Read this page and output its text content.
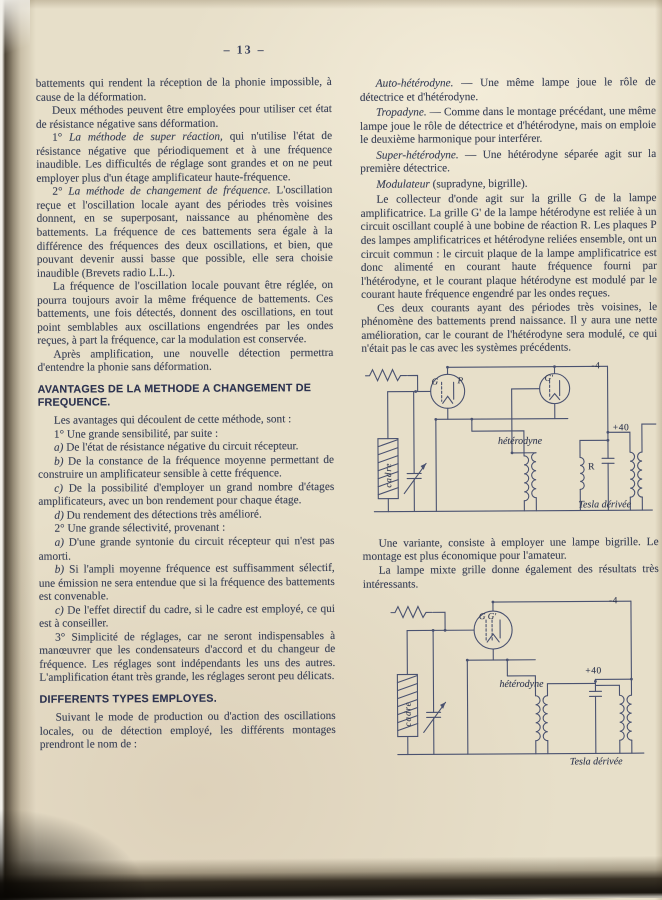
– 13 –

battements qui rendent la réception de la phonie impossible, à cause de la déformation.

Deux méthodes peuvent être employées pour utiliser cet état de résistance négative sans déformation.

1° La méthode de super réaction, qui n'utilise l'état de résistance négative que périodiquement et à une fréquence inaudible. Les difficultés de réglage sont grandes et on ne peut employer plus d'un étage amplificateur haute-fréquence.

2° La méthode de changement de fréquence. L'oscillation reçue et l'oscillation locale ayant des périodes très voisines donnent, en se superposant, naissance au phénomène des battements. La fréquence de ces battements sera égale à la différence des fréquences des deux oscillations, et bien, que pouvant devenir aussi basse que possible, elle sera choisie inaudible (Brevets radio L.L.).

La fréquence de l'oscillation locale pouvant être réglée, on pourra toujours avoir la même fréquence de battements. Ces battements, une fois détectés, donnent des oscillations, en tout point semblables aux oscillations engendrées par les ondes reçues, à part la fréquence, car la modulation est conservée.

Après amplification, une nouvelle détection permettra d'entendre la phonie sans déformation.

AVANTAGES DE LA METHODE A CHANGEMENT DE FREQUENCE.

Les avantages qui découlent de cette méthode, sont :

1° Une grande sensibilité, par suite :

a) De l'état de résistance négative du circuit récepteur.

b) De la constance de la fréquence moyenne permettant de construire un amplificateur sensible à cette fréquence.

c) De la possibilité d'employer un grand nombre d'étages amplificateurs, avec un bon rendement pour chaque étage.

d) Du rendement des détections très amélioré.

2° Une grande sélectivité, provenant :

a) D'une grande syntonie du circuit récepteur qui n'est pas amorti.

b) Si l'ampli moyenne fréquence est suffisamment sélectif, une émission ne sera entendue que si la fréquence des battements est convenable.

c) De l'effet directif du cadre, si le cadre est employé, ce qui est à conseiller.

3° Simplicité de réglages, car ne seront indispensables à manœuvrer que les condensateurs d'accord et du changeur de fréquence. Les réglages sont indépendants les uns des autres. L'amplification étant très grande, les réglages seront peu délicats.

DIFFERENTS TYPES EMPLOYES.

Suivant le mode de production ou d'action des oscillations locales, ou de détection employé, les différents montages prendront le nom de :

Auto-hétérodyne. — Une même lampe joue le rôle de détectrice et d'hétérodyne.

Tropadyne. — Comme dans le montage précédant, une même lampe joue le rôle de détectrice et d'hétérodyne, mais on emploie le deuxième harmonique pour interférer.

Super-hétérodyne. — Une hétérodyne séparée agit sur la première détectrice.

Modulateur (supradyne, bigrille).

Le collecteur d'onde agit sur la grille G de la lampe amplificatrice. La grille G' de la lampe hétérodyne est reliée à un circuit oscillant couplé à une bobine de réaction R. Les plaques P des lampes amplificatrices et hétérodyne reliées ensemble, ont un circuit commun : le circuit plaque de la lampe amplificatrice est donc alimenté en courant haute fréquence fourni par l'hétérodyne, et le courant plaque hétérodyne est modulé par le courant haute fréquence engendré par les ondes reçues.

Ces deux courants ayant des périodes très voisines, le phénomène des battements prend naissance. Il y aura une nette amélioration, car le courant de l'hétérodyne sera modulé, ce qui n'était pas le cas avec les systèmes précédents.

G P	G'
-4
+40
R
cadre
hétérodyne
Tesla dérivée

Une variante, consiste à employer une lampe bigrille. Le montage est plus économique pour l'amateur.

La lampe mixte grille donne également des résultats très intéressants.

G G'
-4
+40
cadre
hétérodyne
Tesla dérivée
